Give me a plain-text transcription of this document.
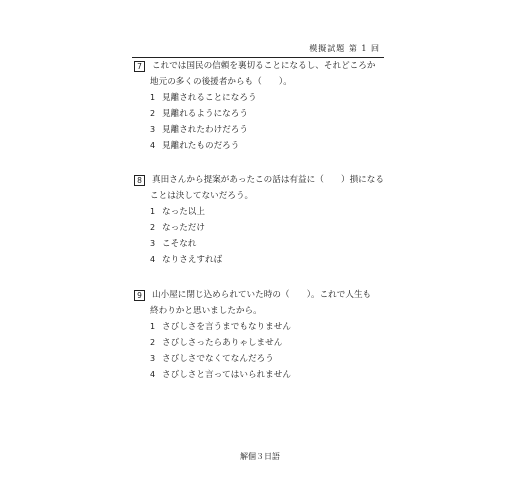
模擬試題 第 1 回
7	これでは国民の信頼を裏切ることになるし、それどころか
地元の多くの後援者からも（　　）。
1 見離されることになろう
2 見離れるようになろう
3 見離されたわけだろう
4 見離れたものだろう
8	真田さんから提案があったこの話は有益に（　　）損になる
ことは決してないだろう。
1 なった以上
2 なっただけ
3 こそなれ
4 なりさえすれば
9	山小屋に閉じ込められていた時の（　　）。これで人生も
終わりかと思いましたから。
1 さびしさを言うまでもなりません
2 さびしさったらありゃしません
3 さびしさでなくてなんだろう
4 さびしさと言ってはいられません
解個３日語
